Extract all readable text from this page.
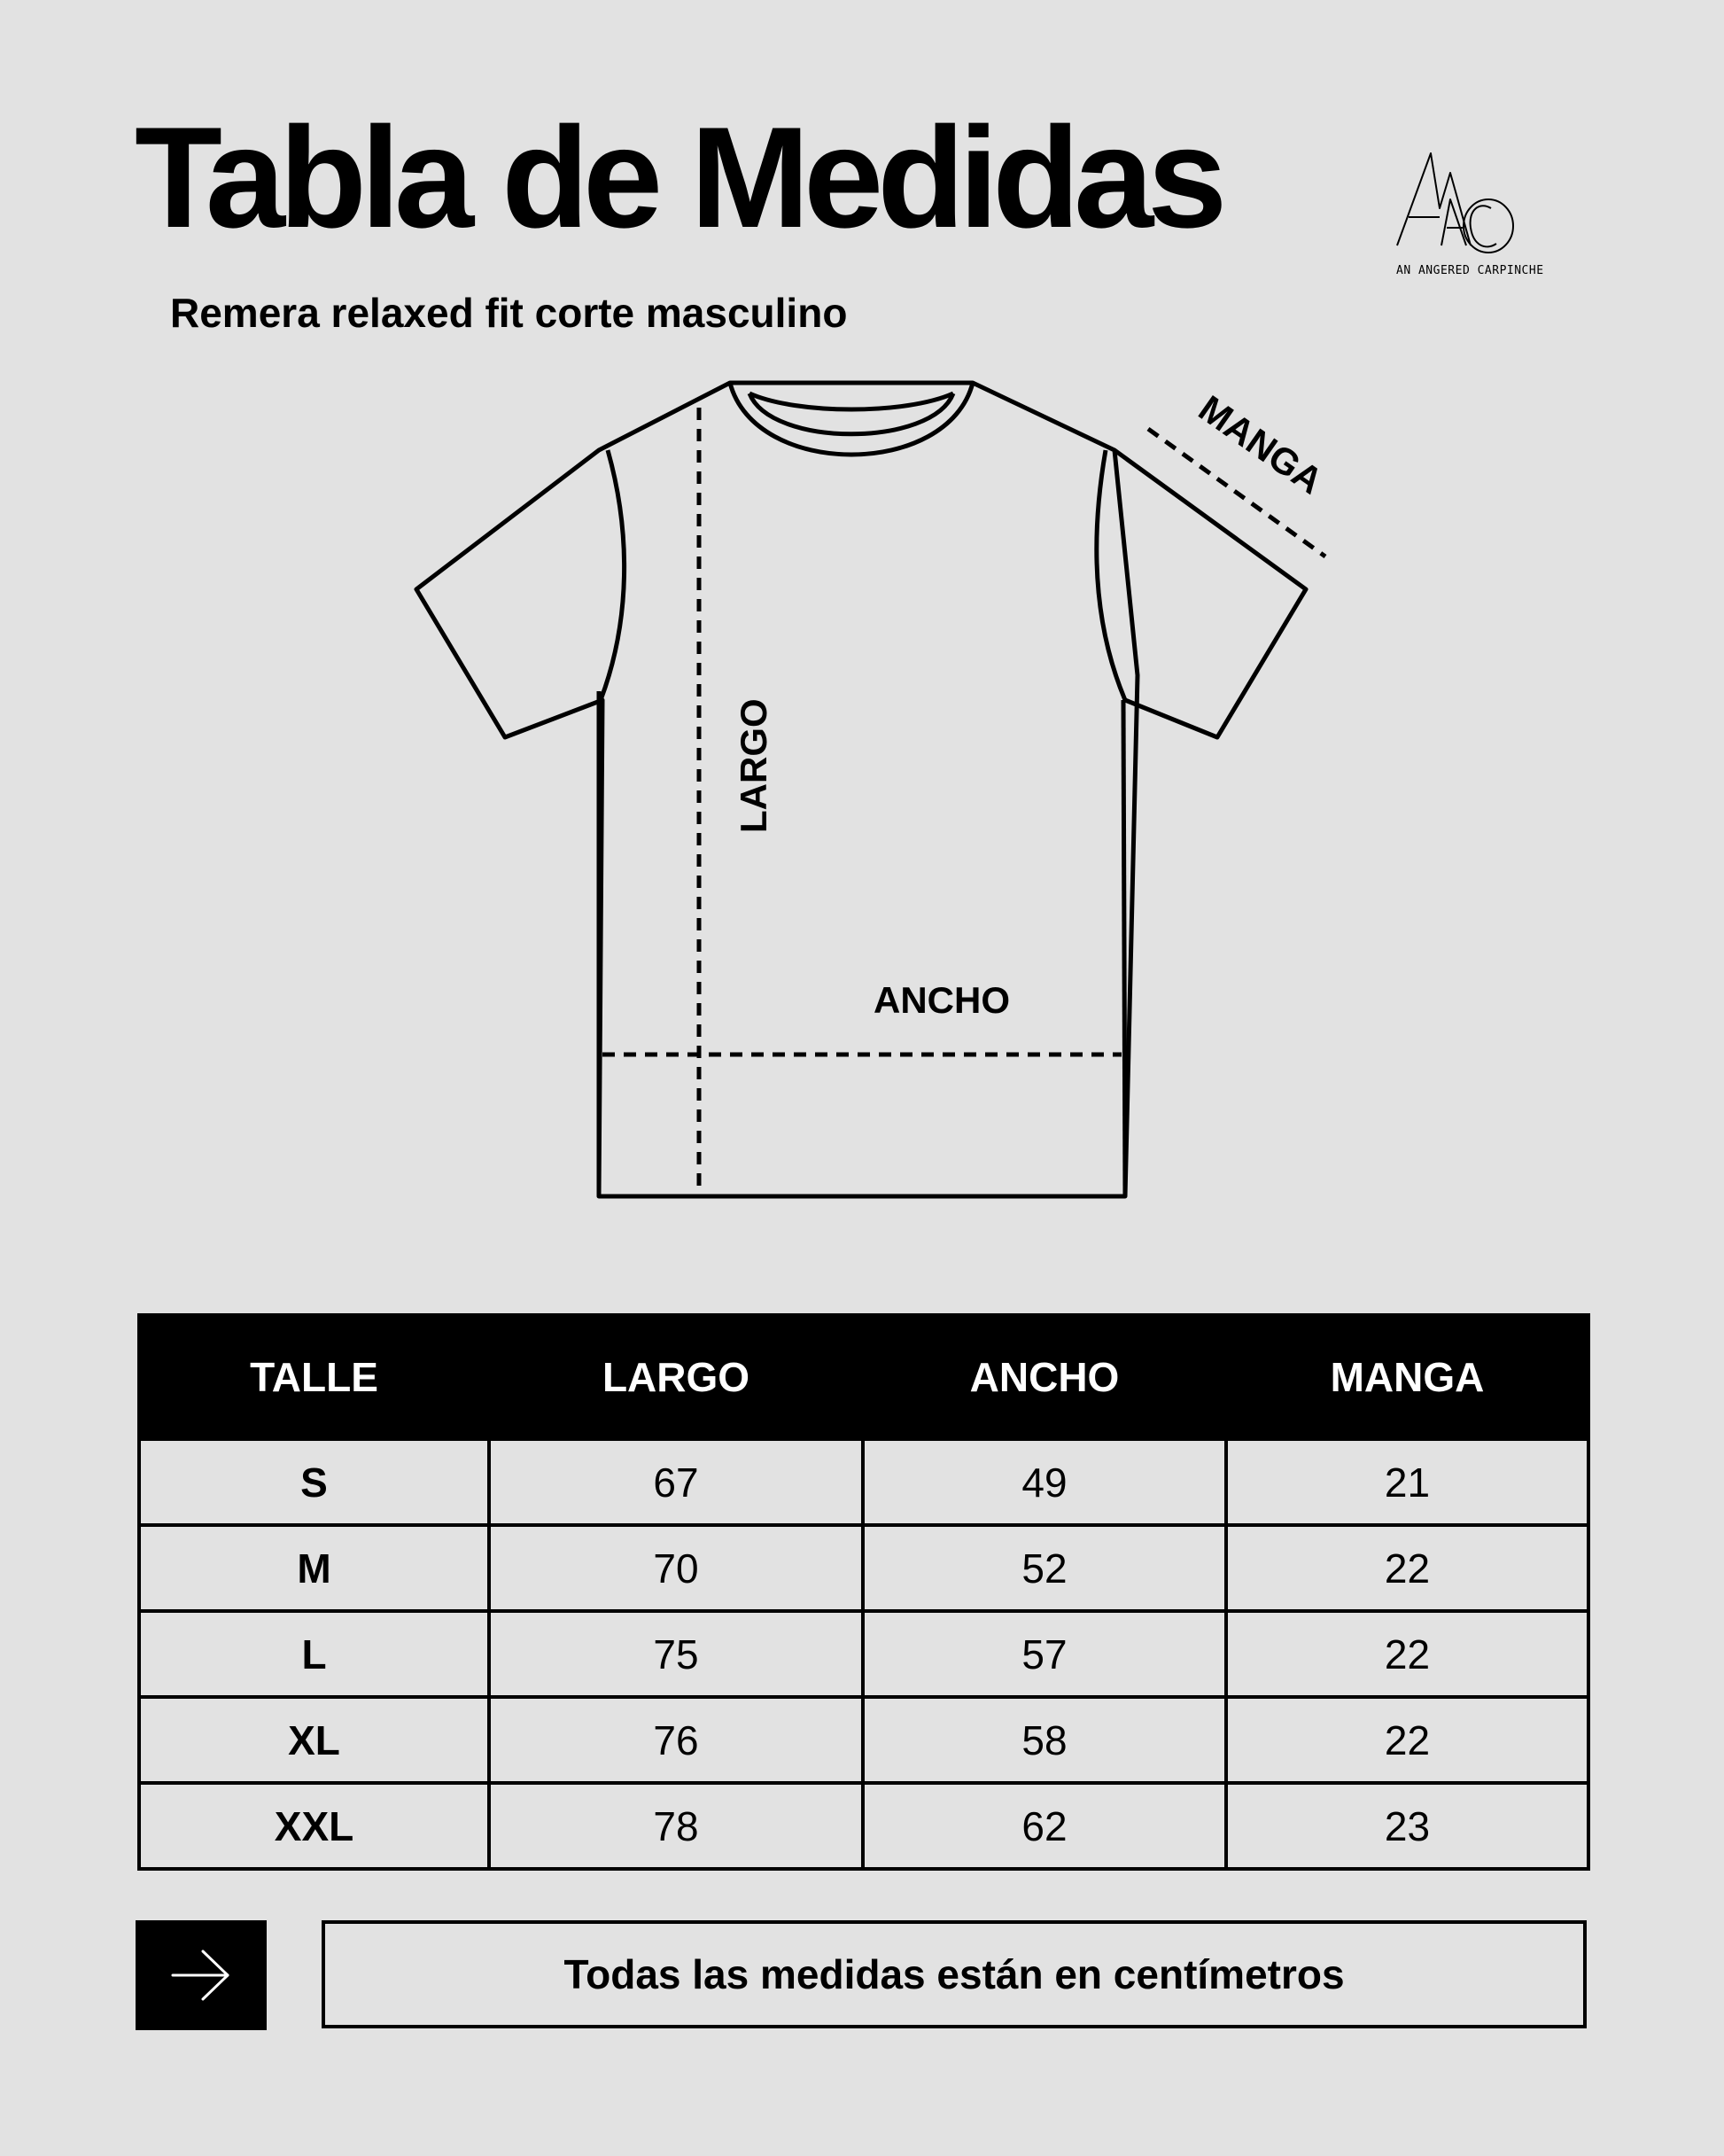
Tabla de Medidas

Remera relaxed fit corte masculino

AN ANGERED CARPINCHE
MANGA
LARGO
ANCHO
TALLE	LARGO	ANCHO	MANGA
S	67	49	21
M	70	52	22
L	75	57	22
XL	76	58	22
XXL	78	62	23
Todas las medidas están en centímetros
